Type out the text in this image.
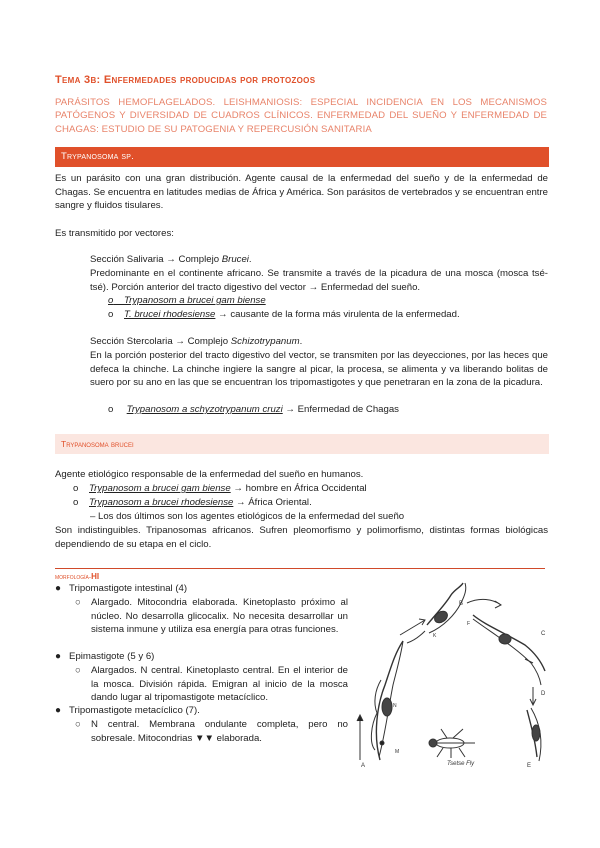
Tema 3b: Enfermedades producidas por protozoos
PARÁSITOS HEMOFLAGELADOS. LEISHMANIOSIS: ESPECIAL INCIDENCIA EN LOS MECANISMOS PATÓGENOS Y DIVERSIDAD DE CUADROS CLÍNICOS. ENFERMEDAD DEL SUEÑO Y ENFERMEDAD DE CHAGAS: ESTUDIO DE SU PATOGENIA Y REPERCUSIÓN SANITARIA
Trypanosoma sp.
Es un parásito con una gran distribución. Agente causal de la enfermedad del sueño y de la enfermedad de Chagas. Se encuentra en latitudes medias de África y América. Son parásitos de vertebrados y se encuentran entre sangre y fluidos tisulares.
Es transmitido por vectores:
Sección Salivaria → Complejo Brucei.
Predominante en el continente africano. Se transmite a través de la picadura de una mosca (mosca tsé-tsé). Porción anterior del tracto digestivo del vector → Enfermedad del sueño.
o Trypanosom a brucei gam biense
o T. brucei rhodesiense → causante de la forma más virulenta de la enfermedad.
Sección Stercolaria → Complejo Schizotrypanum.
En la porción posterior del tracto digestivo del vector, se transmiten por las deyecciones, por las heces que defeca la chinche. La chinche ingiere la sangre al picar, la procesa, se alimenta y va liberando bolitas de suero por su ano en las que se encuentran los tripomastigotes y que penetraran en la zona de la picadura.
o     Trypanosom a schyzotrypanum cruzi → Enfermedad de Chagas
Trypanosoma brucei
Agente etiológico responsable de la enfermedad del sueño en humanos.
o Trypanosom a brucei gam biense → hombre en África Occidental
o Trypanosom a brucei rhodesiense → África Oriental.
– Los dos últimos son los agentes etiológicos de la enfermedad del sueño
Son indistinguibles. Tripanosomas africanos. Sufren pleomorfismo y polimorfismo, distintas formas biológicas dependiendo de su etapa en el ciclo.
morfología-HI
● Tripomastigote intestinal (4)
○ Alargado. Mitocondria elaborada. Kinetoplasto próximo al núcleo. No desarrolla glicocalix. No necesita desarrollar un sistema inmune y utiliza esa energía para otras funciones.
●   Epimastigote (5 y 6)
○ Alargados. N central. Kinetoplasto central. En el interior de la mosca. División rápida. Emigran al inicio de la mosca dando lugar al tripomastigote metacíclico.
● Tripomastigote metacíclico (7).
○ N central. Membrana ondulante completa, pero no sobresale. Mitocondrias ▼▼ elaborada.
Tsetse Fly
A
M
N
K
F
B
C
D
E
